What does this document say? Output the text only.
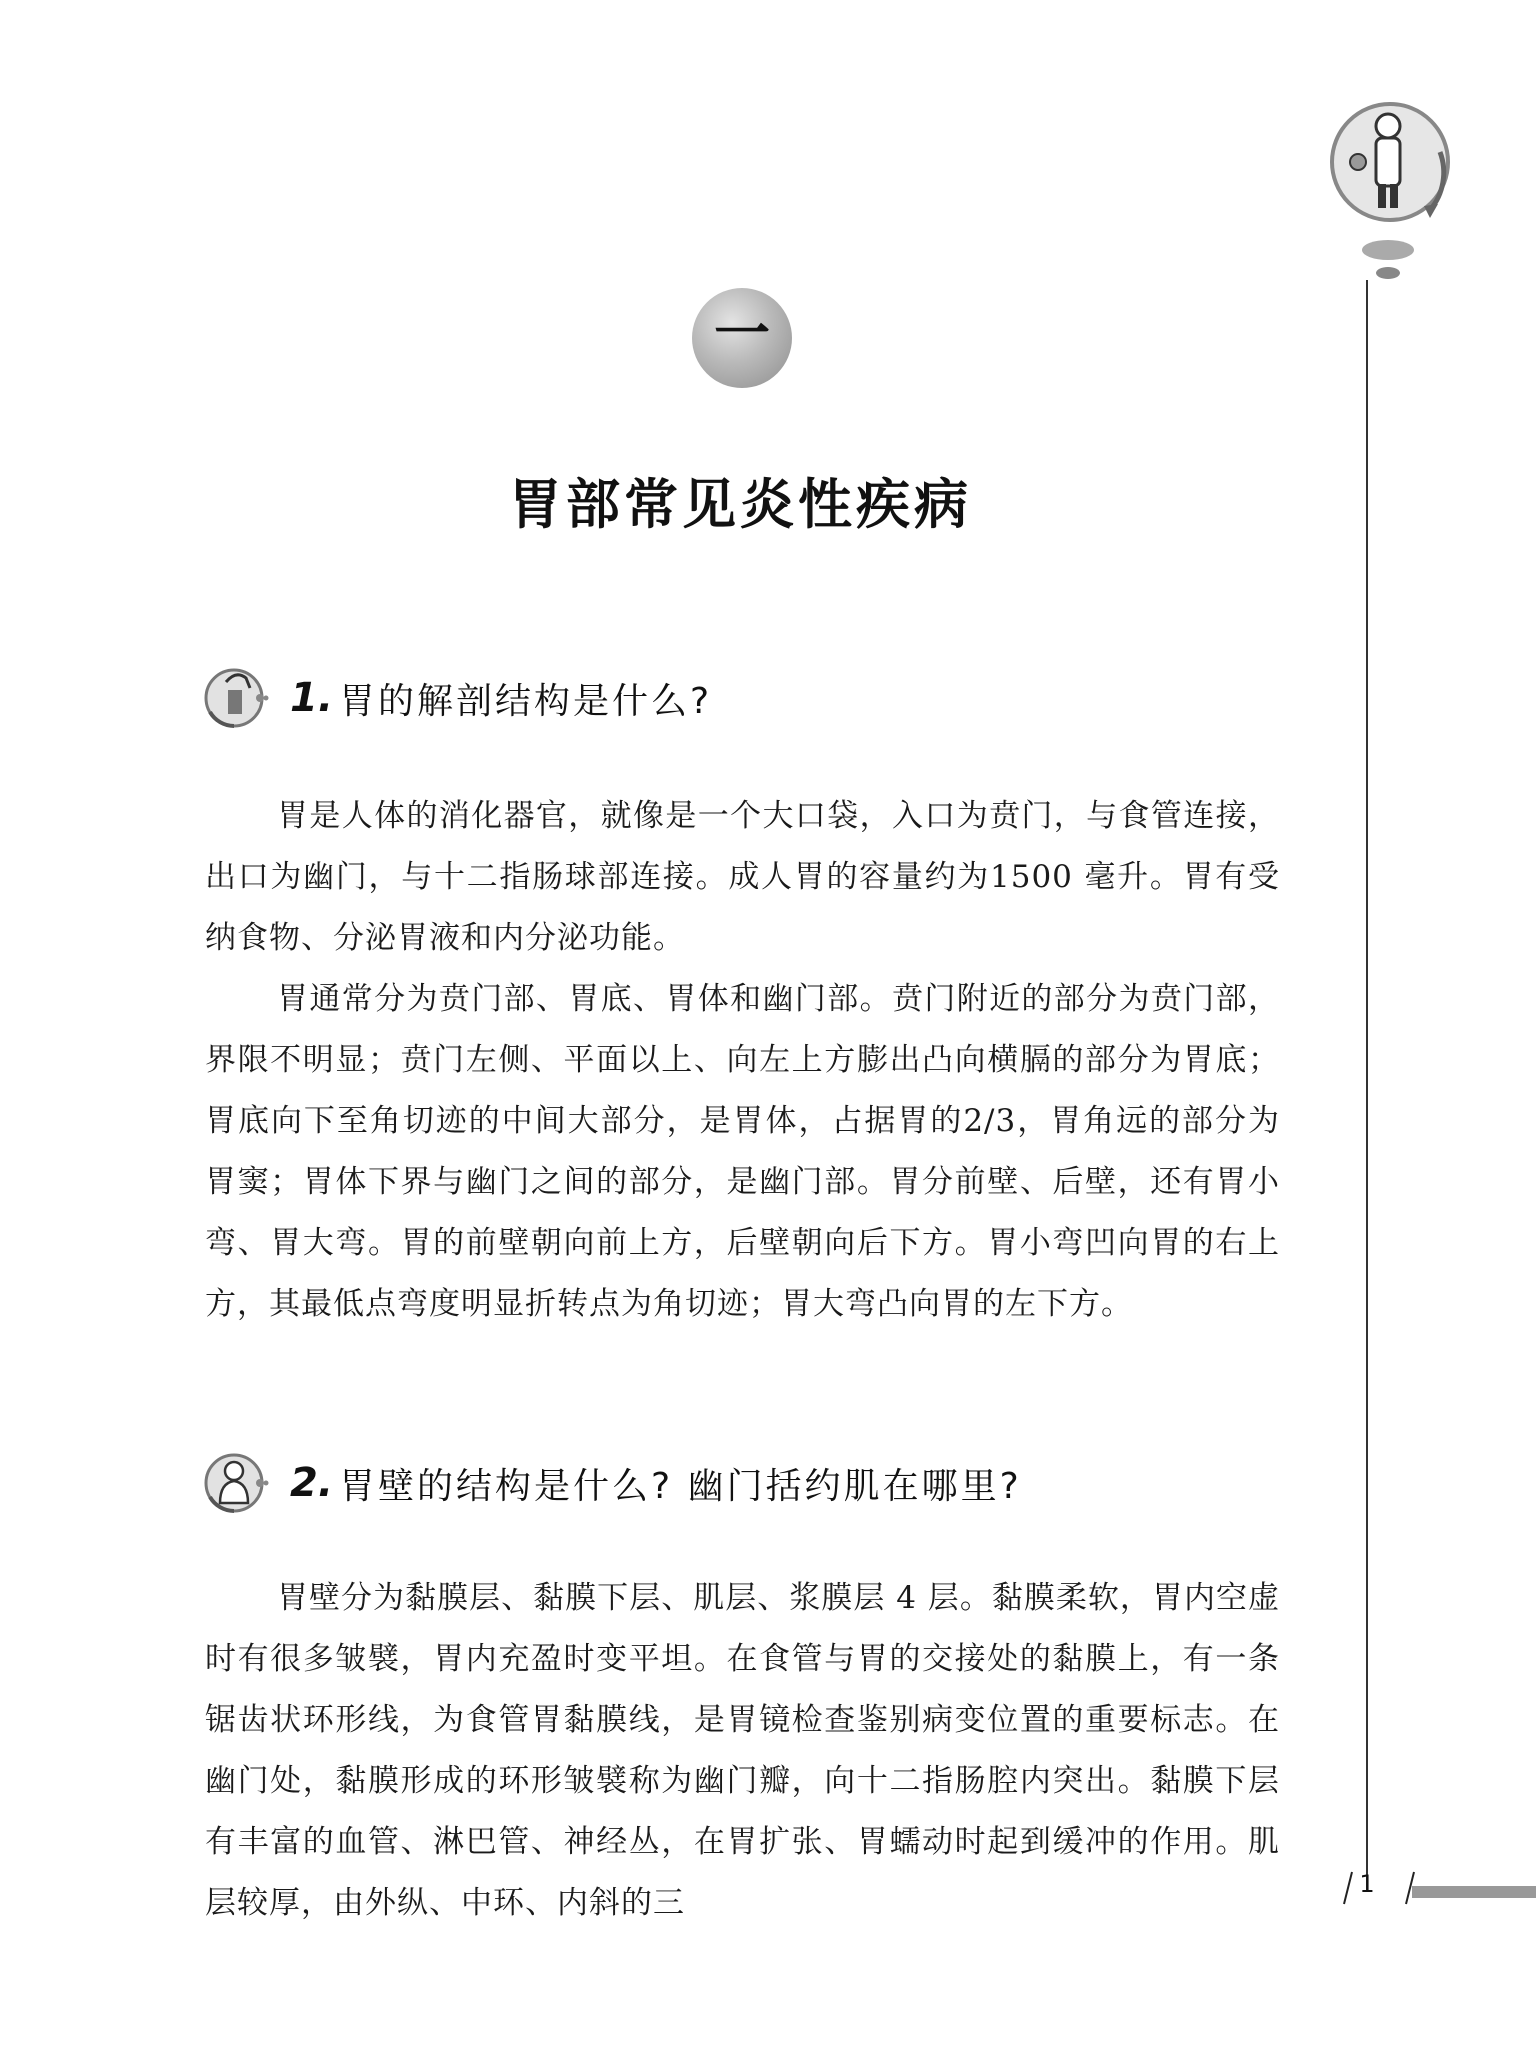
一
胃部常见炎性疾病
1. 胃的解剖结构是什么?

胃是人体的消化器官，就像是一个大口袋，入口为贲门，与食管连接，出口为幽门，与十二指肠球部连接。成人胃的容量约为1500 毫升。胃有受纳食物、分泌胃液和内分泌功能。

胃通常分为贲门部、胃底、胃体和幽门部。贲门附近的部分为贲门部，界限不明显；贲门左侧、平面以上、向左上方膨出凸向横膈的部分为胃底；胃底向下至角切迹的中间大部分，是胃体，占据胃的2/3，胃角远的部分为胃窦；胃体下界与幽门之间的部分，是幽门部。胃分前壁、后壁，还有胃小弯、胃大弯。胃的前壁朝向前上方，后壁朝向后下方。胃小弯凹向胃的右上方，其最低点弯度明显折转点为角切迹；胃大弯凸向胃的左下方。

2. 胃壁的结构是什么? 幽门括约肌在哪里?

胃壁分为黏膜层、黏膜下层、肌层、浆膜层 4 层。黏膜柔软，胃内空虚时有很多皱襞，胃内充盈时变平坦。在食管与胃的交接处的黏膜上，有一条锯齿状环形线，为食管胃黏膜线，是胃镜检查鉴别病变位置的重要标志。在幽门处，黏膜形成的环形皱襞称为幽门瓣，向十二指肠腔内突出。黏膜下层有丰富的血管、淋巴管、神经丛，在胃扩张、胃蠕动时起到缓冲的作用。肌层较厚，由外纵、中环、内斜的三

1
